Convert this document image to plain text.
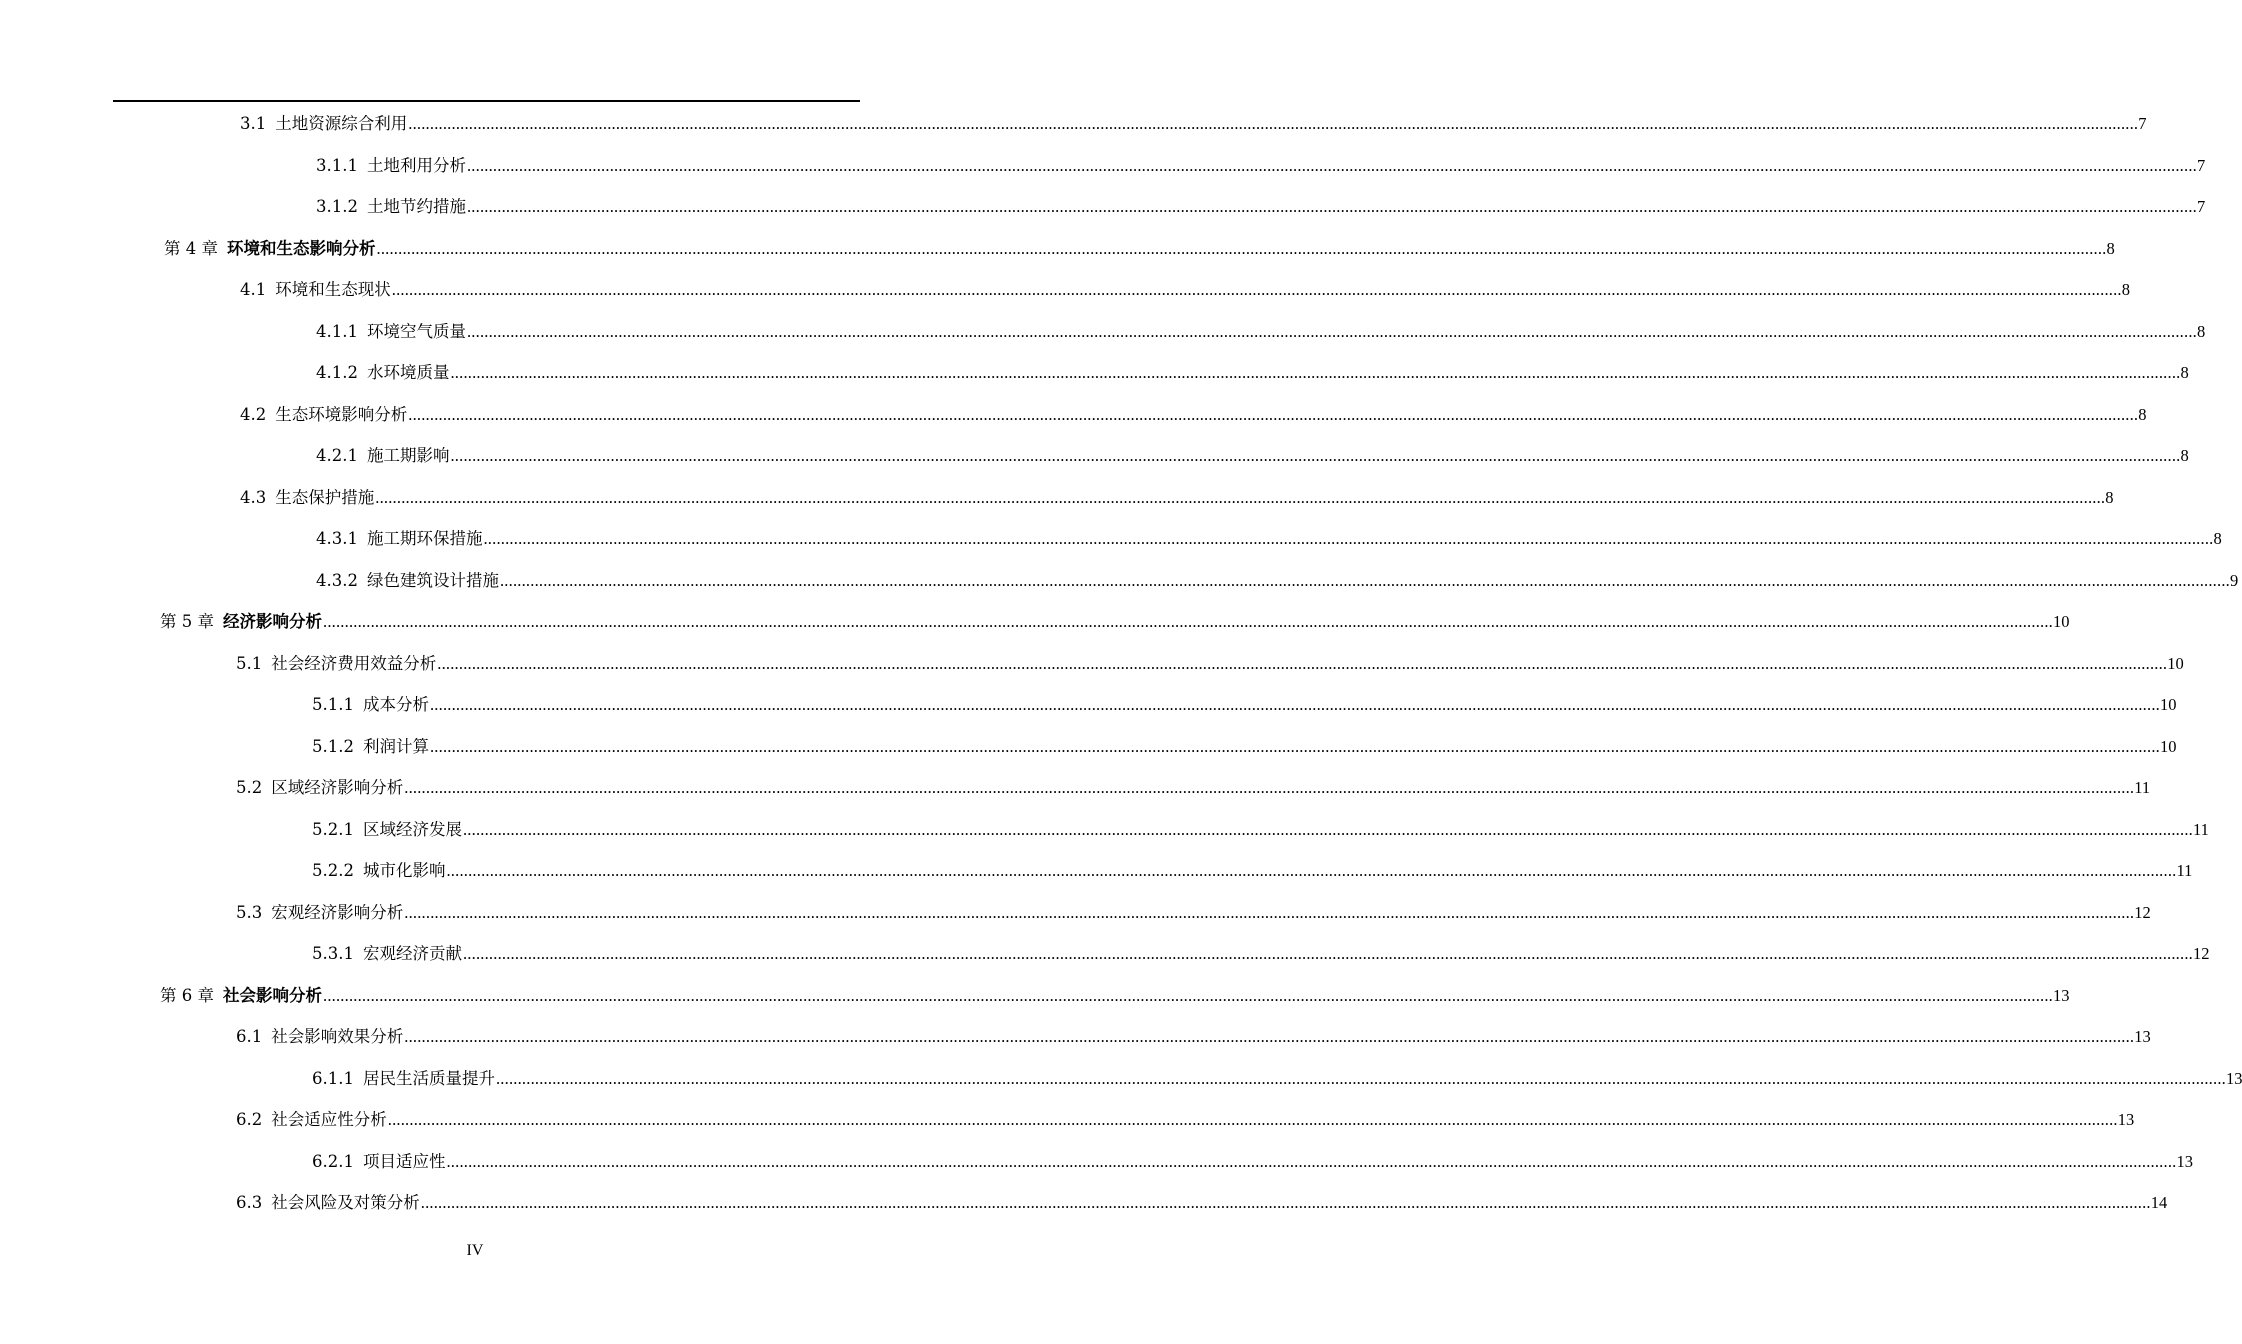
3.1 土地资源综合利用 ................................................................................................................................................................................................................................................................................................................................................................................................................ 7
3.1.1 土地利用分析 ................................................................................................................................................................................................................................................................................................................................................................................................................ 7
3.1.2 土地节约措施 ................................................................................................................................................................................................................................................................................................................................................................................................................ 7
第 4 章 环境和生态影响分析 ................................................................................................................................................................................................................................................................................................................................................................................................................ 8
4.1 环境和生态现状 ................................................................................................................................................................................................................................................................................................................................................................................................................ 8
4.1.1 环境空气质量 ................................................................................................................................................................................................................................................................................................................................................................................................................ 8
4.1.2 水环境质量 ................................................................................................................................................................................................................................................................................................................................................................................................................ 8
4.2 生态环境影响分析 ................................................................................................................................................................................................................................................................................................................................................................................................................ 8
4.2.1 施工期影响 ................................................................................................................................................................................................................................................................................................................................................................................................................ 8
4.3 生态保护措施 ................................................................................................................................................................................................................................................................................................................................................................................................................ 8
4.3.1 施工期环保措施 ................................................................................................................................................................................................................................................................................................................................................................................................................ 8
4.3.2 绿色建筑设计措施 ................................................................................................................................................................................................................................................................................................................................................................................................................ 9
第 5 章 经济影响分析 ................................................................................................................................................................................................................................................................................................................................................................................................................ 10
5.1 社会经济费用效益分析 ................................................................................................................................................................................................................................................................................................................................................................................................................ 10
5.1.1 成本分析 ................................................................................................................................................................................................................................................................................................................................................................................................................ 10
5.1.2 利润计算 ................................................................................................................................................................................................................................................................................................................................................................................................................ 10
5.2 区域经济影响分析 ................................................................................................................................................................................................................................................................................................................................................................................................................ 11
5.2.1 区域经济发展 ................................................................................................................................................................................................................................................................................................................................................................................................................ 11
5.2.2 城市化影响 ................................................................................................................................................................................................................................................................................................................................................................................................................ 11
5.3 宏观经济影响分析 ................................................................................................................................................................................................................................................................................................................................................................................................................ 12
5.3.1 宏观经济贡献 ................................................................................................................................................................................................................................................................................................................................................................................................................ 12
第 6 章 社会影响分析 ................................................................................................................................................................................................................................................................................................................................................................................................................ 13
6.1 社会影响效果分析 ................................................................................................................................................................................................................................................................................................................................................................................................................ 13
6.1.1 居民生活质量提升 ................................................................................................................................................................................................................................................................................................................................................................................................................ 13
6.2 社会适应性分析 ................................................................................................................................................................................................................................................................................................................................................................................................................ 13
6.2.1 项目适应性 ................................................................................................................................................................................................................................................................................................................................................................................................................ 13
6.3 社会风险及对策分析 ................................................................................................................................................................................................................................................................................................................................................................................................................ 14
IV
